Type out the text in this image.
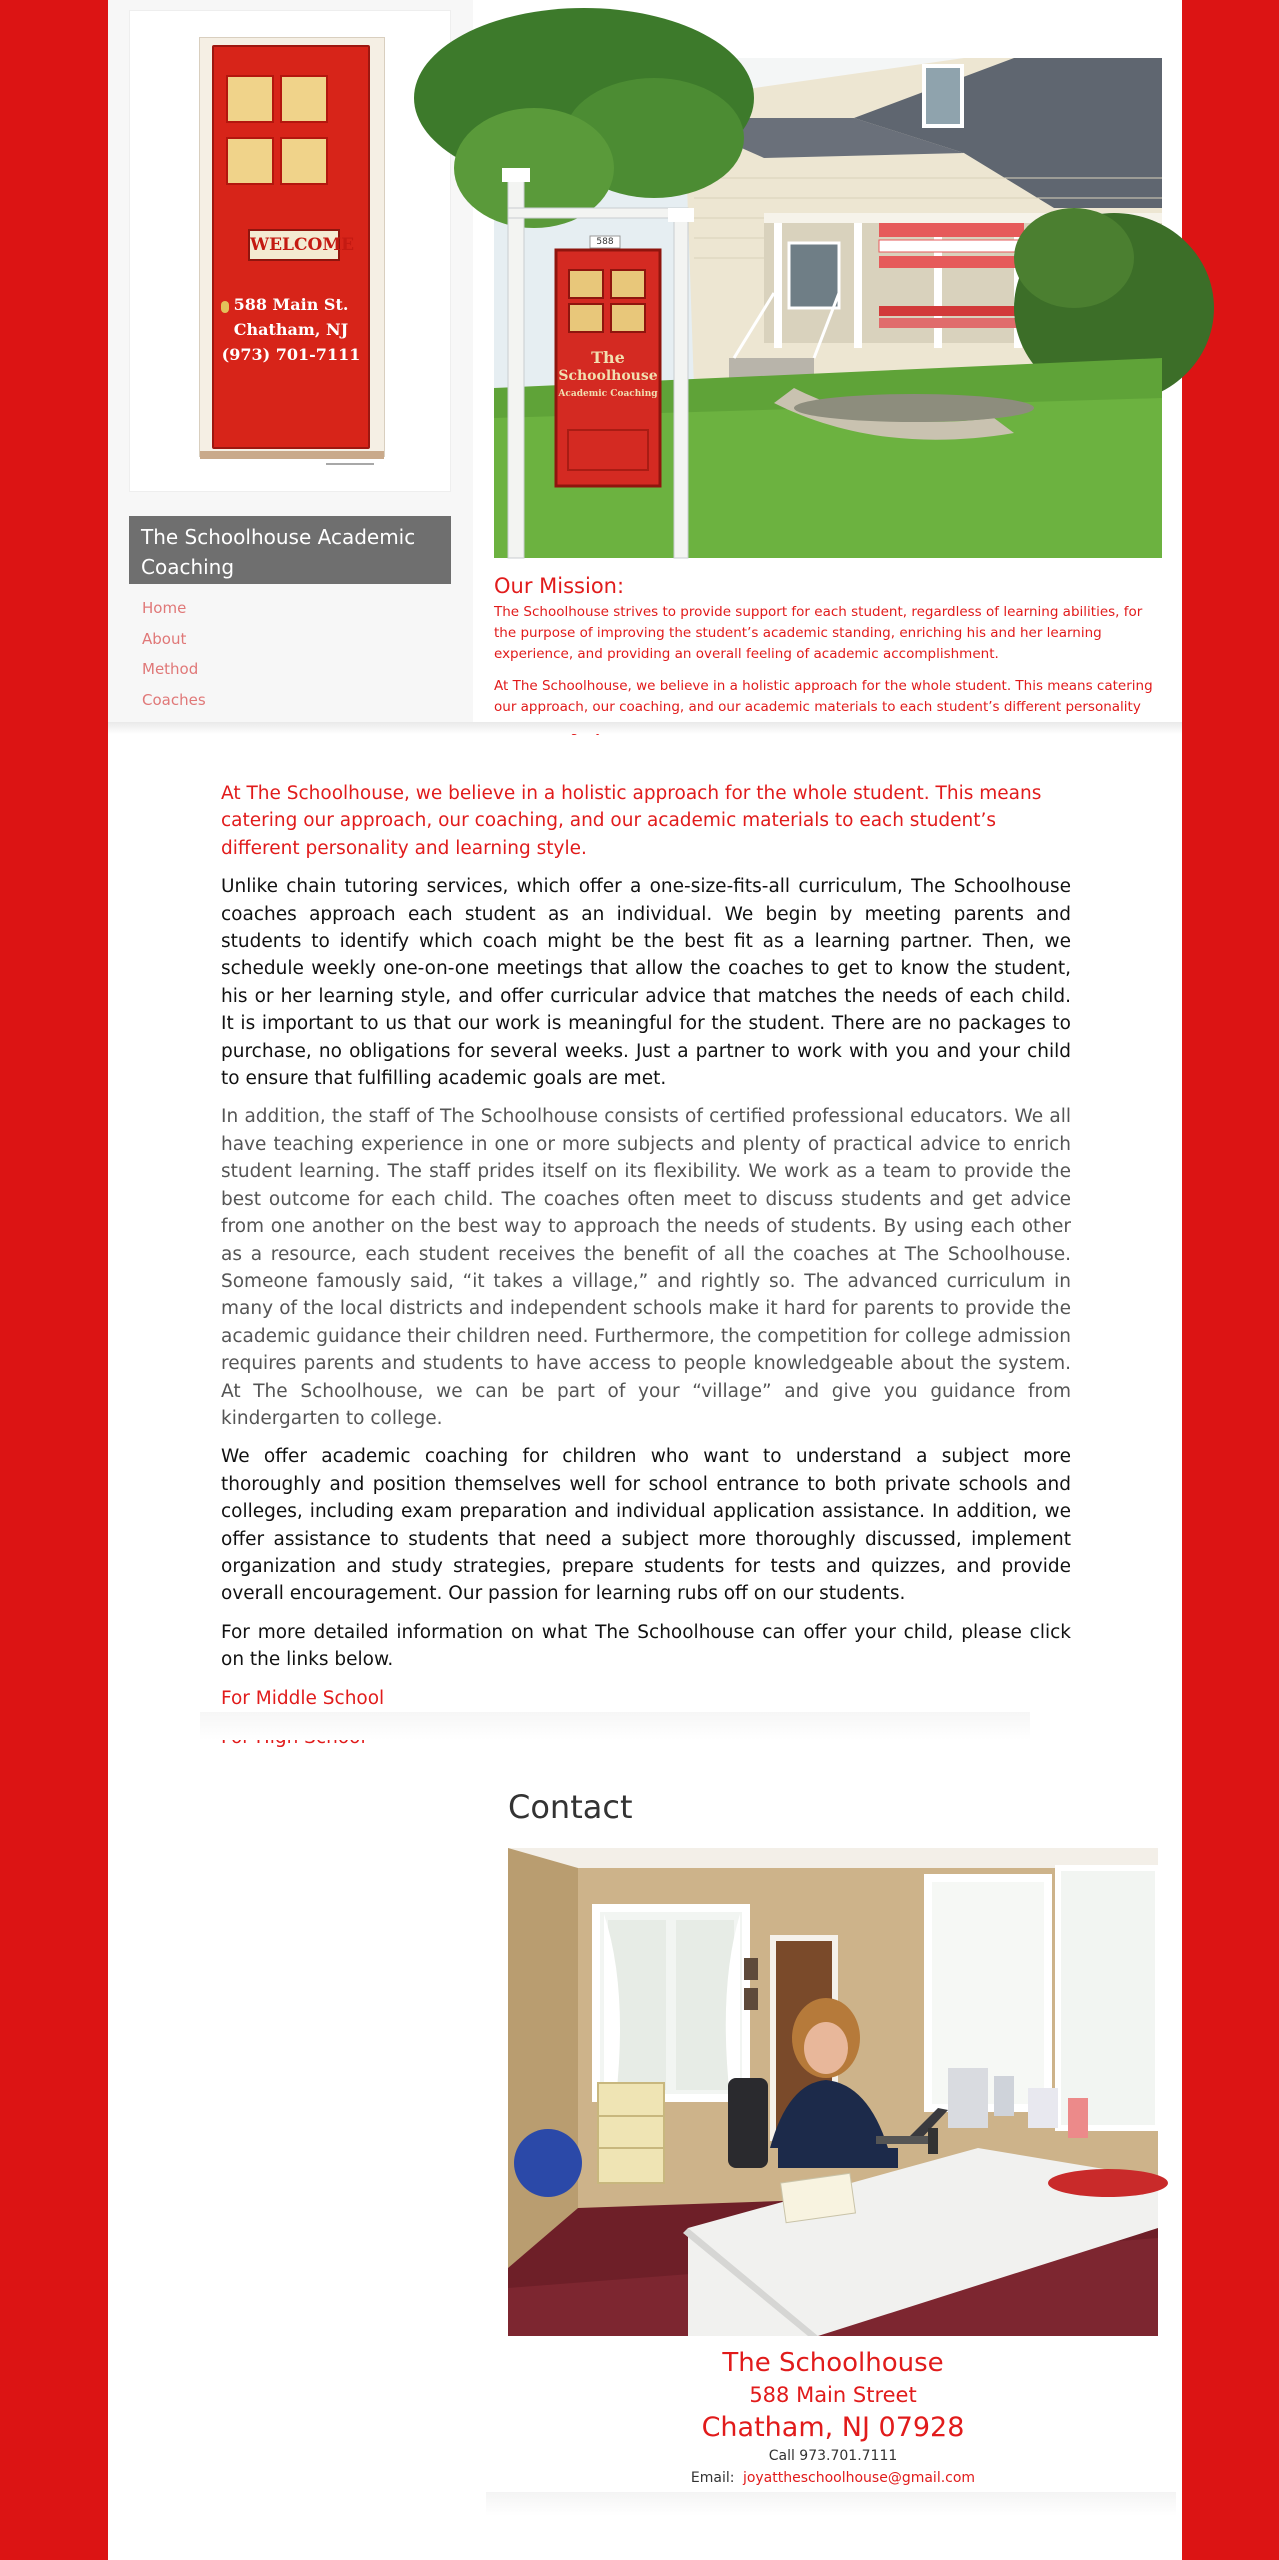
WELCOME
588 Main St.
Chatham, NJ
(973) 701-7111
The Schoolhouse Academic Coaching
Home
About
Method
Coaches
588
The
Schoolhouse
Academic Coaching
Our Mission:

The Schoolhouse strives to provide support for each student, regardless of learning abilities, for the purpose of improving the student’s academic standing, enriching his and her learning experience, and providing an overall feeling of academic accomplishment.

At The Schoolhouse, we believe in a holistic approach for the whole student. This means catering our approach, our coaching, and our academic materials to each student’s different personality

At The Schoolhouse, we believe in a holistic approach for the whole student. This means catering our approach, our coaching, and our academic materials to each student’s different personality and learning style.

Unlike chain tutoring services, which offer a one-size-fits-all curriculum, The Schoolhouse coaches approach each student as an individual. We begin by meeting parents and students to identify which coach might be the best fit as a learning partner. Then, we schedule weekly one-on-one meetings that allow the coaches to get to know the student, his or her learning style, and offer curricular advice that matches the needs of each child. It is important to us that our work is meaningful for the student. There are no packages to purchase, no obligations for several weeks. Just a partner to work with you and your child to ensure that fulfilling academic goals are met.

In addition, the staff of The Schoolhouse consists of certified professional educators. We all have teaching experience in one or more subjects and plenty of practical advice to enrich student learning. The staff prides itself on its flexibility. We work as a team to provide the best outcome for each child. The coaches often meet to discuss students and get advice from one another on the best way to approach the needs of students. By using each other as a resource, each student receives the benefit of all the coaches at The Schoolhouse. Someone famously said, “it takes a village,” and rightly so. The advanced curriculum in many of the local districts and independent schools make it hard for parents to provide the academic guidance their children need. Furthermore, the competition for college admission requires parents and students to have access to people knowledgeable about the system. At The Schoolhouse, we can be part of your “village” and give you guidance from kindergarten to college.

We offer academic coaching for children who want to understand a subject more thoroughly and position themselves well for school entrance to both private schools and colleges, including exam preparation and individual application assistance. In addition, we offer assistance to students that need a subject more thoroughly discussed, implement organization and study strategies, prepare students for tests and quizzes, and provide overall encouragement. Our passion for learning rubs off on our students.

For more detailed information on what The Schoolhouse can offer your child, please click on the links below.

For Middle School
Contact
The Schoolhouse
588 Main Street
Chatham, NJ 07928
Call 973.701.7111
Email: joyattheschoolhouse@gmail.com
